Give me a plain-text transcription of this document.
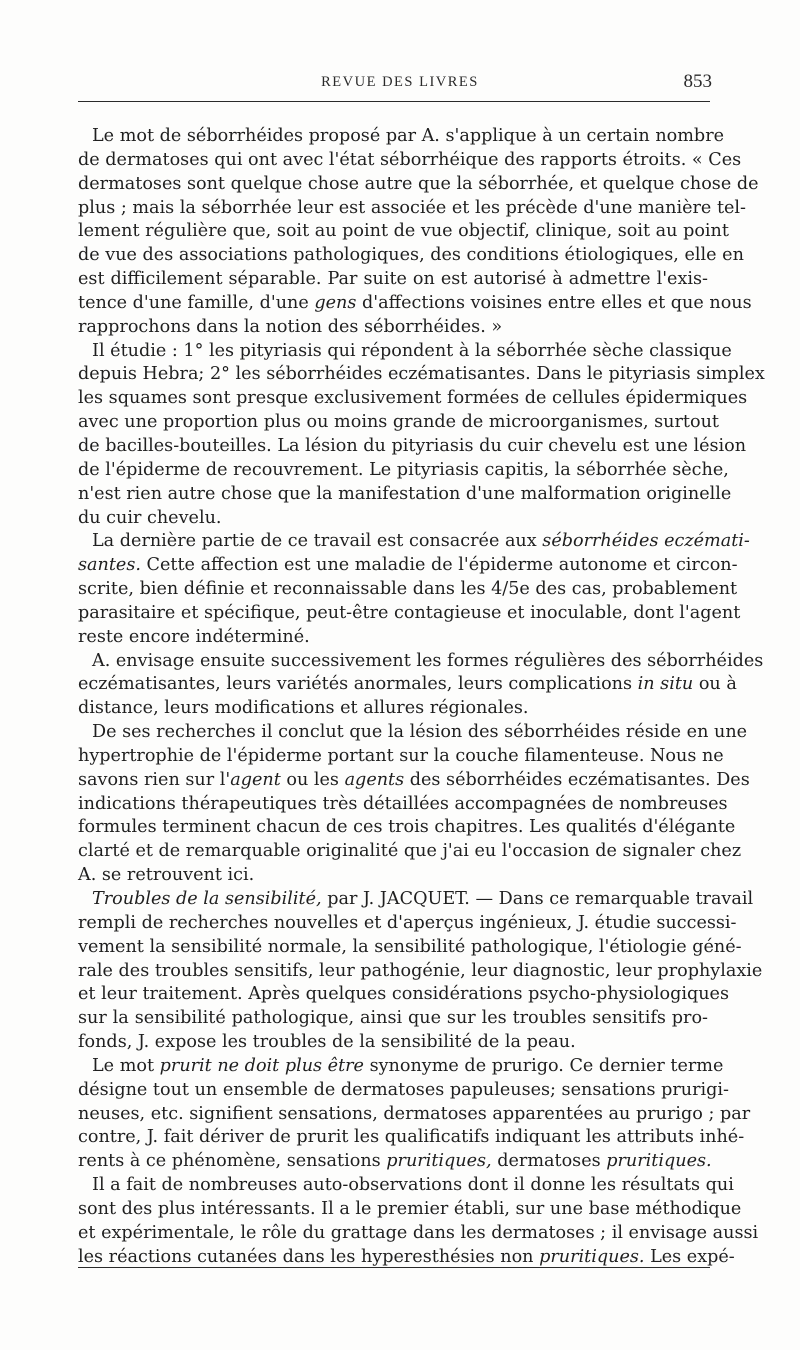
REVUE DES LIVRES	853
Le mot de séborrhéides proposé par A. s'applique à un certain nombre
de dermatoses qui ont avec l'état séborrhéique des rapports étroits. « Ces
dermatoses sont quelque chose autre que la séborrhée, et quelque chose de
plus ; mais la séborrhée leur est associée et les précède d'une manière tel-
lement régulière que, soit au point de vue objectif, clinique, soit au point
de vue des associations pathologiques, des conditions étiologiques, elle en
est difficilement séparable. Par suite on est autorisé à admettre l'exis-
tence d'une famille, d'une gens d'affections voisines entre elles et que nous
rapprochons dans la notion des séborrhéides. »
Il étudie : 1° les pityriasis qui répondent à la séborrhée sèche classique
depuis Hebra; 2° les séborrhéides eczématisantes. Dans le pityriasis simplex
les squames sont presque exclusivement formées de cellules épidermiques
avec une proportion plus ou moins grande de microorganismes, surtout
de bacilles-bouteilles. La lésion du pityriasis du cuir chevelu est une lésion
de l'épiderme de recouvrement. Le pityriasis capitis, la séborrhée sèche,
n'est rien autre chose que la manifestation d'une malformation originelle
du cuir chevelu.
La dernière partie de ce travail est consacrée aux séborrhéides eczémati-
santes. Cette affection est une maladie de l'épiderme autonome et circon-
scrite, bien définie et reconnaissable dans les 4/5e des cas, probablement
parasitaire et spécifique, peut-être contagieuse et inoculable, dont l'agent
reste encore indéterminé.
A. envisage ensuite successivement les formes régulières des séborrhéides
eczématisantes, leurs variétés anormales, leurs complications in situ ou à
distance, leurs modifications et allures régionales.
De ses recherches il conclut que la lésion des séborrhéides réside en une
hypertrophie de l'épiderme portant sur la couche filamenteuse. Nous ne
savons rien sur l'agent ou les agents des séborrhéides eczématisantes. Des
indications thérapeutiques très détaillées accompagnées de nombreuses
formules terminent chacun de ces trois chapitres. Les qualités d'élégante
clarté et de remarquable originalité que j'ai eu l'occasion de signaler chez
A. se retrouvent ici.
Troubles de la sensibilité, par J. JACQUET. — Dans ce remarquable travail
rempli de recherches nouvelles et d'aperçus ingénieux, J. étudie successi-
vement la sensibilité normale, la sensibilité pathologique, l'étiologie géné-
rale des troubles sensitifs, leur pathogénie, leur diagnostic, leur prophylaxie
et leur traitement. Après quelques considérations psycho-physiologiques
sur la sensibilité pathologique, ainsi que sur les troubles sensitifs pro-
fonds, J. expose les troubles de la sensibilité de la peau.
Le mot prurit ne doit plus être synonyme de prurigo. Ce dernier terme
désigne tout un ensemble de dermatoses papuleuses; sensations prurigi-
neuses, etc. signifient sensations, dermatoses apparentées au prurigo ; par
contre, J. fait dériver de prurit les qualificatifs indiquant les attributs inhé-
rents à ce phénomène, sensations pruritiques, dermatoses pruritiques.
Il a fait de nombreuses auto-observations dont il donne les résultats qui
sont des plus intéressants. Il a le premier établi, sur une base méthodique
et expérimentale, le rôle du grattage dans les dermatoses ; il envisage aussi
les réactions cutanées dans les hyperesthésies non pruritiques. Les expé-
